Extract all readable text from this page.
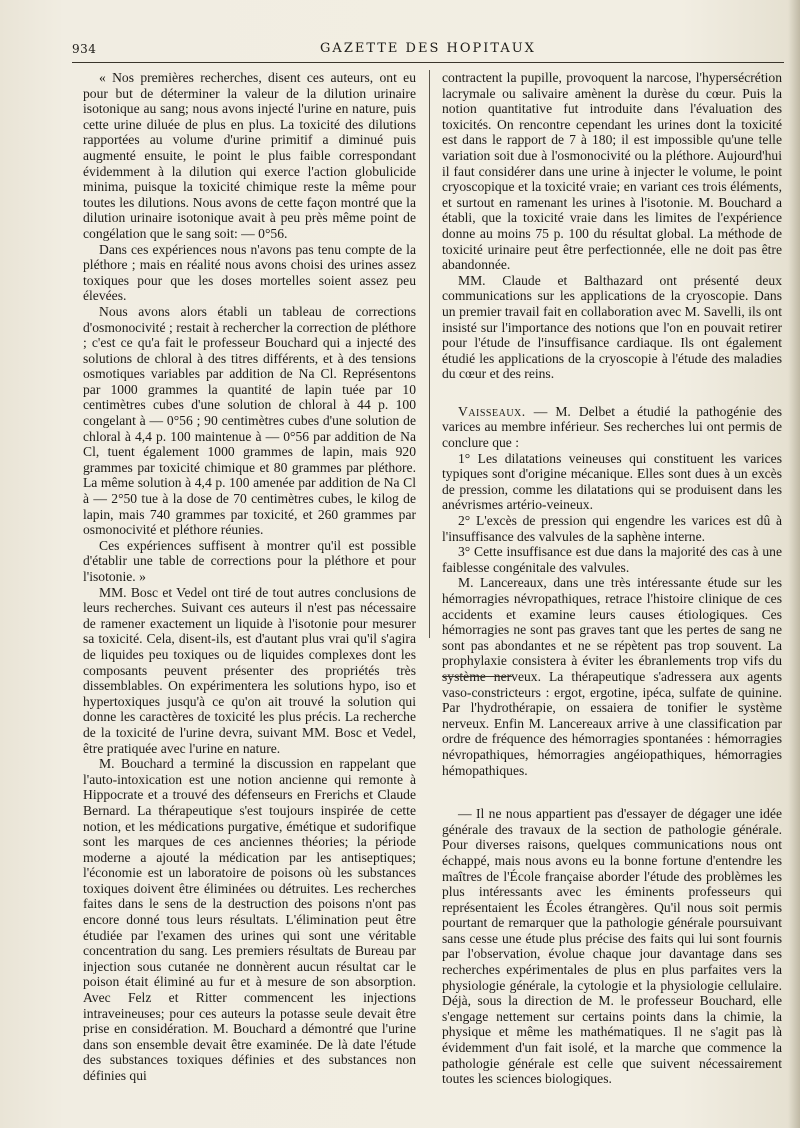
934	GAZETTE DES HOPITAUX

« Nos premières recherches, disent ces auteurs, ont eu pour but de déterminer la valeur de la dilution urinaire isotonique au sang; nous avons injecté l'urine en nature, puis cette urine diluée de plus en plus. La toxicité des dilutions rapportées au volume d'urine primitif a diminué puis augmenté ensuite, le point le plus faible correspondant évidemment à la dilution qui exerce l'action globulicide minima, puisque la toxicité chimique reste la même pour toutes les dilutions. Nous avons de cette façon montré que la dilution urinaire isotonique avait à peu près même point de congélation que le sang soit: — 0°56.

Dans ces expériences nous n'avons pas tenu compte de la pléthore ; mais en réalité nous avons choisi des urines assez toxiques pour que les doses mortelles soient assez peu élevées.

Nous avons alors établi un tableau de corrections d'osmonocivité ; restait à rechercher la correction de pléthore ; c'est ce qu'a fait le professeur Bouchard qui a injecté des solutions de chloral à des titres différents, et à des tensions osmotiques variables par addition de Na Cl. Représentons par 1000 grammes la quantité de lapin tuée par 10 centimètres cubes d'une solution de chloral à 44 p. 100 congelant à — 0°56 ; 90 centimètres cubes d'une solution de chloral à 4,4 p. 100 maintenue à — 0°56 par addition de Na Cl, tuent également 1000 grammes de lapin, mais 920 grammes par toxicité chimique et 80 grammes par pléthore. La même solution à 4,4 p. 100 amenée par addition de Na Cl à — 2°50 tue à la dose de 70 centimètres cubes, le kilog de lapin, mais 740 grammes par toxicité, et 260 grammes par osmonocivité et pléthore réunies.

Ces expériences suffisent à montrer qu'il est possible d'établir une table de corrections pour la pléthore et pour l'isotonie. »

MM. Bosc et Vedel ont tiré de tout autres conclusions de leurs recherches. Suivant ces auteurs il n'est pas nécessaire de ramener exactement un liquide à l'isotonie pour mesurer sa toxicité. Cela, disent-ils, est d'autant plus vrai qu'il s'agira de liquides peu toxiques ou de liquides complexes dont les composants peuvent présenter des propriétés très dissemblables. On expérimentera les solutions hypo, iso et hypertoxiques jusqu'à ce qu'on ait trouvé la solution qui donne les caractères de toxicité les plus précis. La recherche de la toxicité de l'urine devra, suivant MM. Bosc et Vedel, être pratiquée avec l'urine en nature.

M. Bouchard a terminé la discussion en rappelant que l'auto-intoxication est une notion ancienne qui remonte à Hippocrate et a trouvé des défenseurs en Frerichs et Claude Bernard. La thérapeutique s'est toujours inspirée de cette notion, et les médications purgative, émétique et sudorifique sont les marques de ces anciennes théories; la période moderne a ajouté la médication par les antiseptiques; l'économie est un laboratoire de poisons où les substances toxiques doivent être éliminées ou détruites. Les recherches faites dans le sens de la destruction des poisons n'ont pas encore donné tous leurs résultats. L'élimination peut être étudiée par l'examen des urines qui sont une véritable concentration du sang. Les premiers résultats de Bureau par injection sous cutanée ne donnèrent aucun résultat car le poison était éliminé au fur et à mesure de son absorption. Avec Felz et Ritter commencent les injections intraveineuses; pour ces auteurs la potasse seule devait être prise en considération. M. Bouchard a démontré que l'urine dans son ensemble devait être examinée. De là date l'étude des substances toxiques définies et des substances non définies qui

contractent la pupille, provoquent la narcose, l'hypersécrétion lacrymale ou salivaire amènent la durèse du cœur. Puis la notion quantitative fut introduite dans l'évaluation des toxicités. On rencontre cependant les urines dont la toxicité est dans le rapport de 7 à 180; il est impossible qu'une telle variation soit due à l'osmonocivité ou la pléthore. Aujourd'hui il faut considérer dans une urine à injecter le volume, le point cryoscopique et la toxicité vraie; en variant ces trois éléments, et surtout en ramenant les urines à l'isotonie. M. Bouchard a établi, que la toxicité vraie dans les limites de l'expérience donne au moins 75 p. 100 du résultat global. La méthode de toxicité urinaire peut être perfectionnée, elle ne doit pas être abandonnée.

MM. Claude et Balthazard ont présenté deux communications sur les applications de la cryoscopie. Dans un premier travail fait en collaboration avec M. Savelli, ils ont insisté sur l'importance des notions que l'on en pouvait retirer pour l'étude de l'insuffisance cardiaque. Ils ont également étudié les applications de la cryoscopie à l'étude des maladies du cœur et des reins.

Vaisseaux. — M. Delbet a étudié la pathogénie des varices au membre inférieur. Ses recherches lui ont permis de conclure que :

1° Les dilatations veineuses qui constituent les varices typiques sont d'origine mécanique. Elles sont dues à un excès de pression, comme les dilatations qui se produisent dans les anévrismes artério-veineux.

2° L'excès de pression qui engendre les varices est dû à l'insuffisance des valvules de la saphène interne.

3° Cette insuffisance est due dans la majorité des cas à une faiblesse congénitale des valvules.

M. Lancereaux, dans une très intéressante étude sur les hémorragies névropathiques, retrace l'histoire clinique de ces accidents et examine leurs causes étiologiques. Ces hémorragies ne sont pas graves tant que les pertes de sang ne sont pas abondantes et ne se répètent pas trop souvent. La prophylaxie consistera à éviter les ébranlements trop vifs du système nerveux. La thérapeutique s'adressera aux agents vaso-constricteurs : ergot, ergotine, ipéca, sulfate de quinine. Par l'hydrothérapie, on essaiera de tonifier le système nerveux. Enfin M. Lancereaux arrive à une classification par ordre de fréquence des hémorragies spontanées : hémorragies névropathiques, hémorragies angéiopathiques, hémorragies hémopathiques.

— Il ne nous appartient pas d'essayer de dégager une idée générale des travaux de la section de pathologie générale. Pour diverses raisons, quelques communications nous ont échappé, mais nous avons eu la bonne fortune d'entendre les maîtres de l'École française aborder l'étude des problèmes les plus intéressants avec les éminents professeurs qui représentaient les Écoles étrangères. Qu'il nous soit permis pourtant de remarquer que la pathologie générale poursuivant sans cesse une étude plus précise des faits qui lui sont fournis par l'observation, évolue chaque jour davantage dans ses recherches expérimentales de plus en plus parfaites vers la physiologie générale, la cytologie et la physiologie cellulaire. Déjà, sous la direction de M. le professeur Bouchard, elle s'engage nettement sur certains points dans la chimie, la physique et même les mathématiques. Il ne s'agit pas là évidemment d'un fait isolé, et la marche que commence la pathologie générale est celle que suivent nécessairement toutes les sciences biologiques.
